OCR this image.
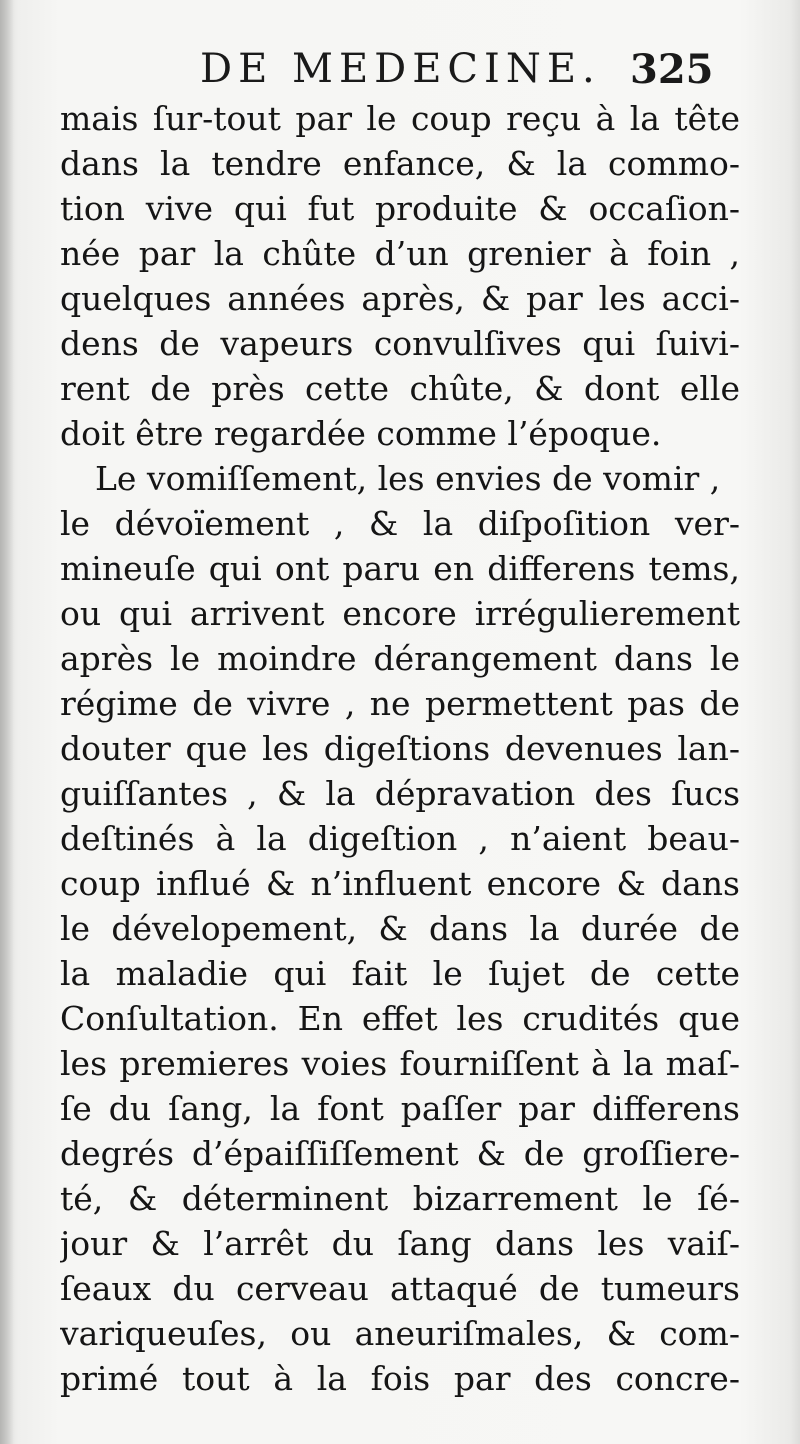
DE MEDECINE. 325
mais ſur-tout par le coup reçu à la tête
dans la tendre enfance, & la commo-
tion vive qui fut produite & occaſion-
née par la chûte d’un grenier à foin ,
quelques années après, & par les acci-
dens de vapeurs convulſives qui ſuivi-
rent de près cette chûte, & dont elle
doit être regardée comme l’époque.
Le vomiſſement, les envies de vomir ,
le dévoïement , & la diſpoſition ver-
mineuſe qui ont paru en differens tems,
ou qui arrivent encore irrégulierement
après le moindre dérangement dans le
régime de vivre , ne permettent pas de
douter que les digeſtions devenues lan-
guiſſantes , & la dépravation des ſucs
deſtinés à la digeſtion , n’aient beau-
coup influé & n’influent encore & dans
le dévelopement, & dans la durée de
la maladie qui fait le ſujet de cette
Conſultation. En effet les crudités que
les premieres voies fourniſſent à la maſ-
ſe du ſang, la font paſſer par differens
degrés d’épaiſſiſſement & de groſſiere-
té, & déterminent bizarrement le ſé-
jour & l’arrêt du ſang dans les vaiſ-
ſeaux du cerveau attaqué de tumeurs
variqueuſes, ou aneuriſmales, & com-
primé tout à la fois par des concre-
